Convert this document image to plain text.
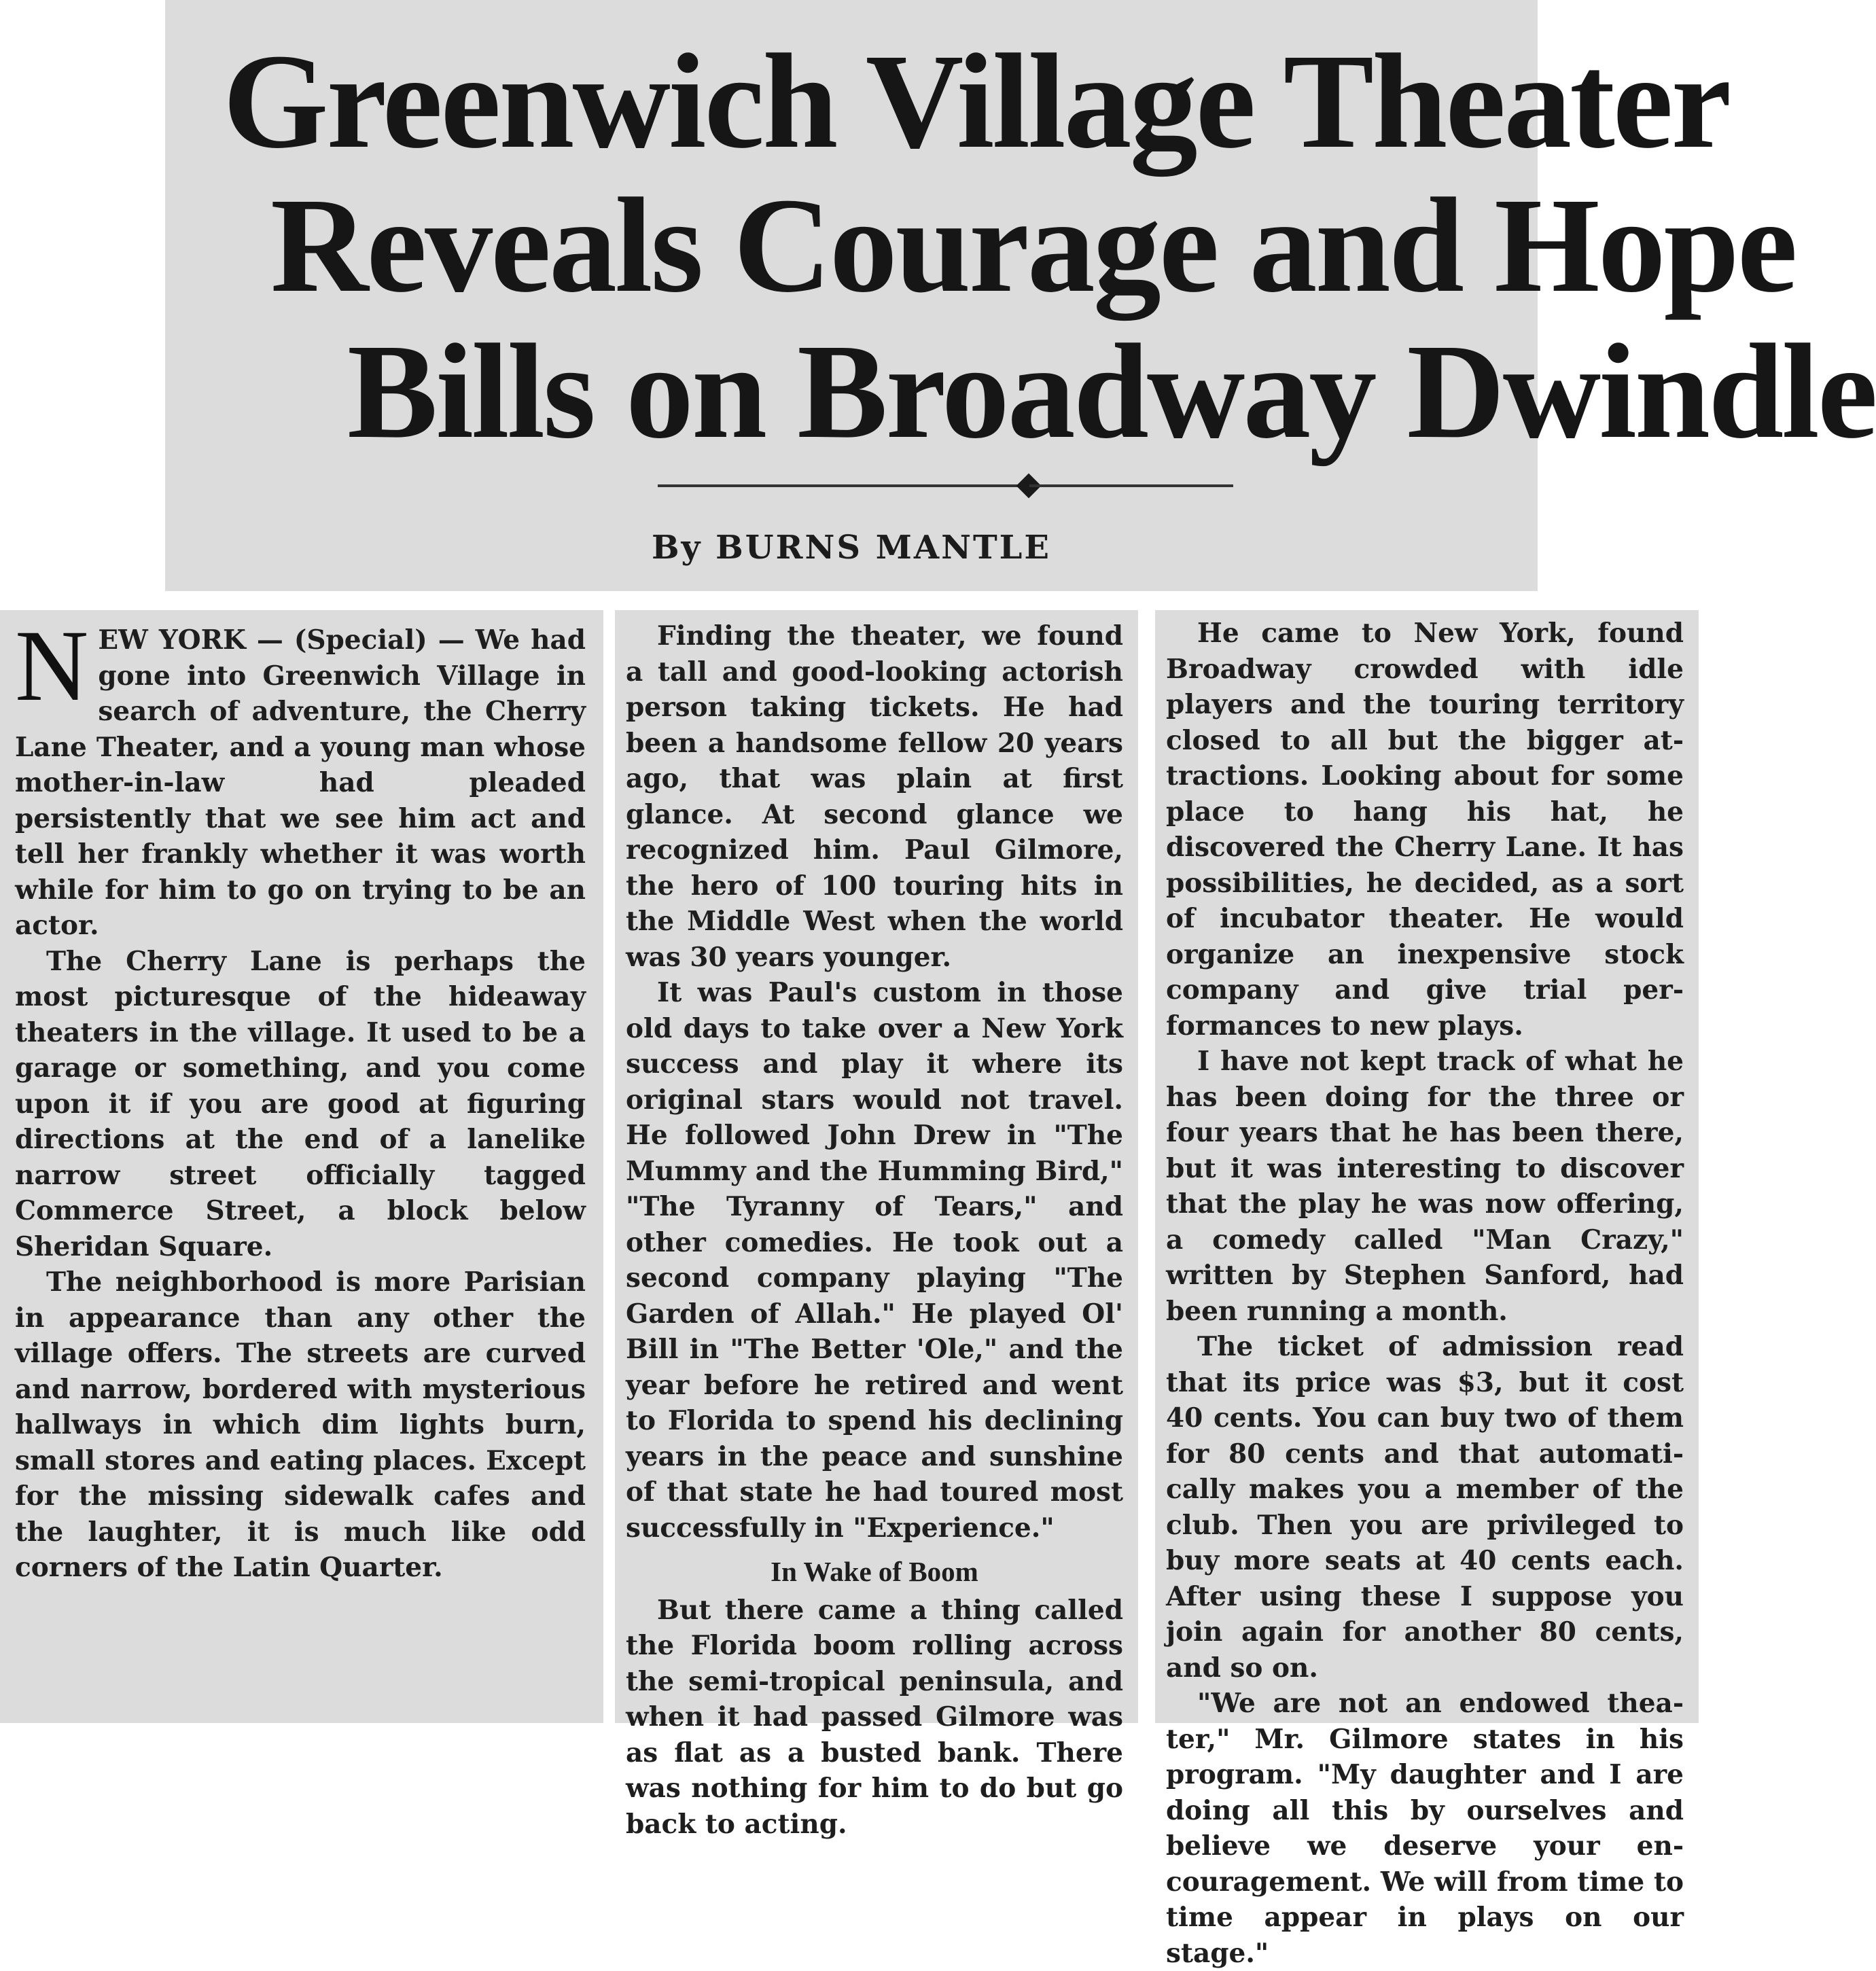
Greenwich Village Theater
Reveals Courage and Hope
Bills on Broadway Dwindle
By BURNS MANTLE

NEW YORK — (Special) — We had gone into Greenwich Village in search of adventure, the Cherry Lane Theater, and a young man whose mother-in-law had pleaded persistently that we see him act and tell her frankly whether it was worth while for him to go on trying to be an actor.

The Cherry Lane is perhaps the most picturesque of the hideaway theaters in the village. It used to be a garage or something, and you come upon it if you are good at figuring directions at the end of a lanelike narrow street officially tagged Commerce Street, a block below Sheridan Square.

The neighborhood is more Parisian in appearance than any other the village offers. The streets are curved and narrow, bordered with mysterious hallways in which dim lights burn, small stores and eating places. Except for the missing sidewalk cafes and the laughter, it is much like odd corners of the Latin Quarter.

Finding the theater, we found a tall and good-looking actorish person taking tickets. He had been a handsome fellow 20 years ago, that was plain at first glance. At second glance we recognized him. Paul Gilmore, the hero of 100 touring hits in the Middle West when the world was 30 years younger.

It was Paul's custom in those old days to take over a New York success and play it where its original stars would not travel. He followed John Drew in "The Mummy and the Humming Bird," "The Tyranny of Tears," and other comedies. He took out a second company playing "The Garden of Allah." He played Ol' Bill in "The Better 'Ole," and the year before he retired and went to Florida to spend his declining years in the peace and sunshine of that state he had toured most successfully in "Experience."

In Wake of Boom

But there came a thing called the Florida boom rolling across the semi-tropical peninsula, and when it had passed Gilmore was as flat as a busted bank. There was nothing for him to do but go back to acting.

He came to New York, found Broadway crowded with idle players and the touring territory closed to all but the bigger attractions. Looking about for some place to hang his hat, he discovered the Cherry Lane. It has possibilities, he decided, as a sort of incubator theater. He would organize an inexpensive stock company and give trial performances to new plays.

I have not kept track of what he has been doing for the three or four years that he has been there, but it was interesting to discover that the play he was now offering, a comedy called "Man Crazy," written by Stephen Sanford, had been running a month.

The ticket of admission read that its price was $3, but it cost 40 cents. You can buy two of them for 80 cents and that automatically makes you a member of the club. Then you are privileged to buy more seats at 40 cents each. After using these I suppose you join again for another 80 cents, and so on.

"We are not an endowed theater," Mr. Gilmore states in his program. "My daughter and I are doing all this by ourselves and believe we deserve your encouragement. We will from time to time appear in plays on our stage."
